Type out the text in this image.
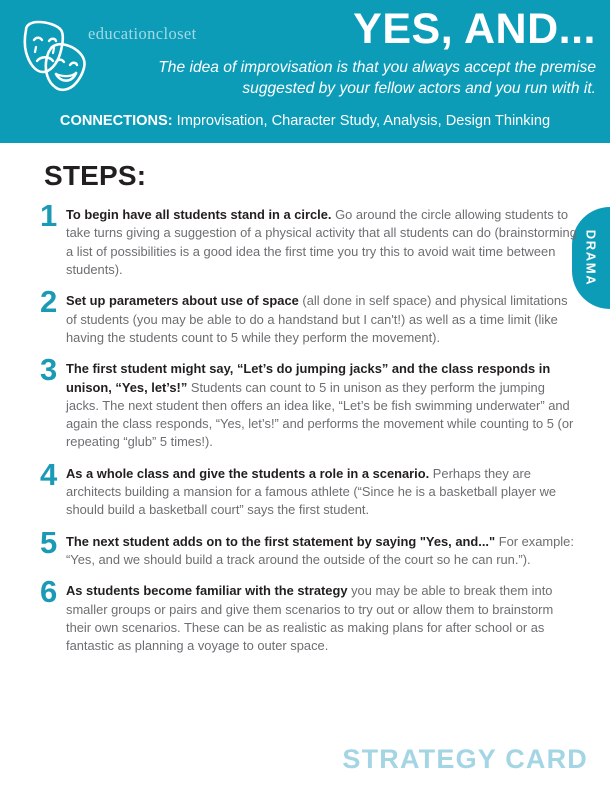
educationcloset	YES, AND...
The idea of improvisation is that you always accept the premise suggested by your fellow actors and you run with it.
CONNECTIONS: Improvisation, Character Study, Analysis, Design Thinking
DRAMA
STEPS:
1 To begin have all students stand in a circle. Go around the circle allowing students to take turns giving a suggestion of a physical activity that all students can do (brainstorming a list of possibilities is a good idea the first time you try this to avoid wait time between students).
2 Set up parameters about use of space (all done in self space) and physical limitations of students (you may be able to do a handstand but I can't!) as well as a time limit (like having the students count to 5 while they perform the movement).
3 The first student might say, “Let’s do jumping jacks” and the class responds in unison, “Yes, let’s!” Students can count to 5 in unison as they perform the jumping jacks. The next student then offers an idea like, “Let’s be fish swimming underwater” and again the class responds, “Yes, let’s!” and performs the movement while counting to 5 (or repeating “glub” 5 times!).
4 As a whole class and give the students a role in a scenario. Perhaps they are architects building a mansion for a famous athlete (“Since he is a basketball player we should build a basketball court” says the first student.
5 The next student adds on to the first statement by saying "Yes, and..." For example: “Yes, and we should build a track around the outside of the court so he can run.”).
6 As students become familiar with the strategy you may be able to break them into smaller groups or pairs and give them scenarios to try out or allow them to brainstorm their own scenarios. These can be as realistic as making plans for after school or as fantastic as planning a voyage to outer space.
STRATEGY CARD
